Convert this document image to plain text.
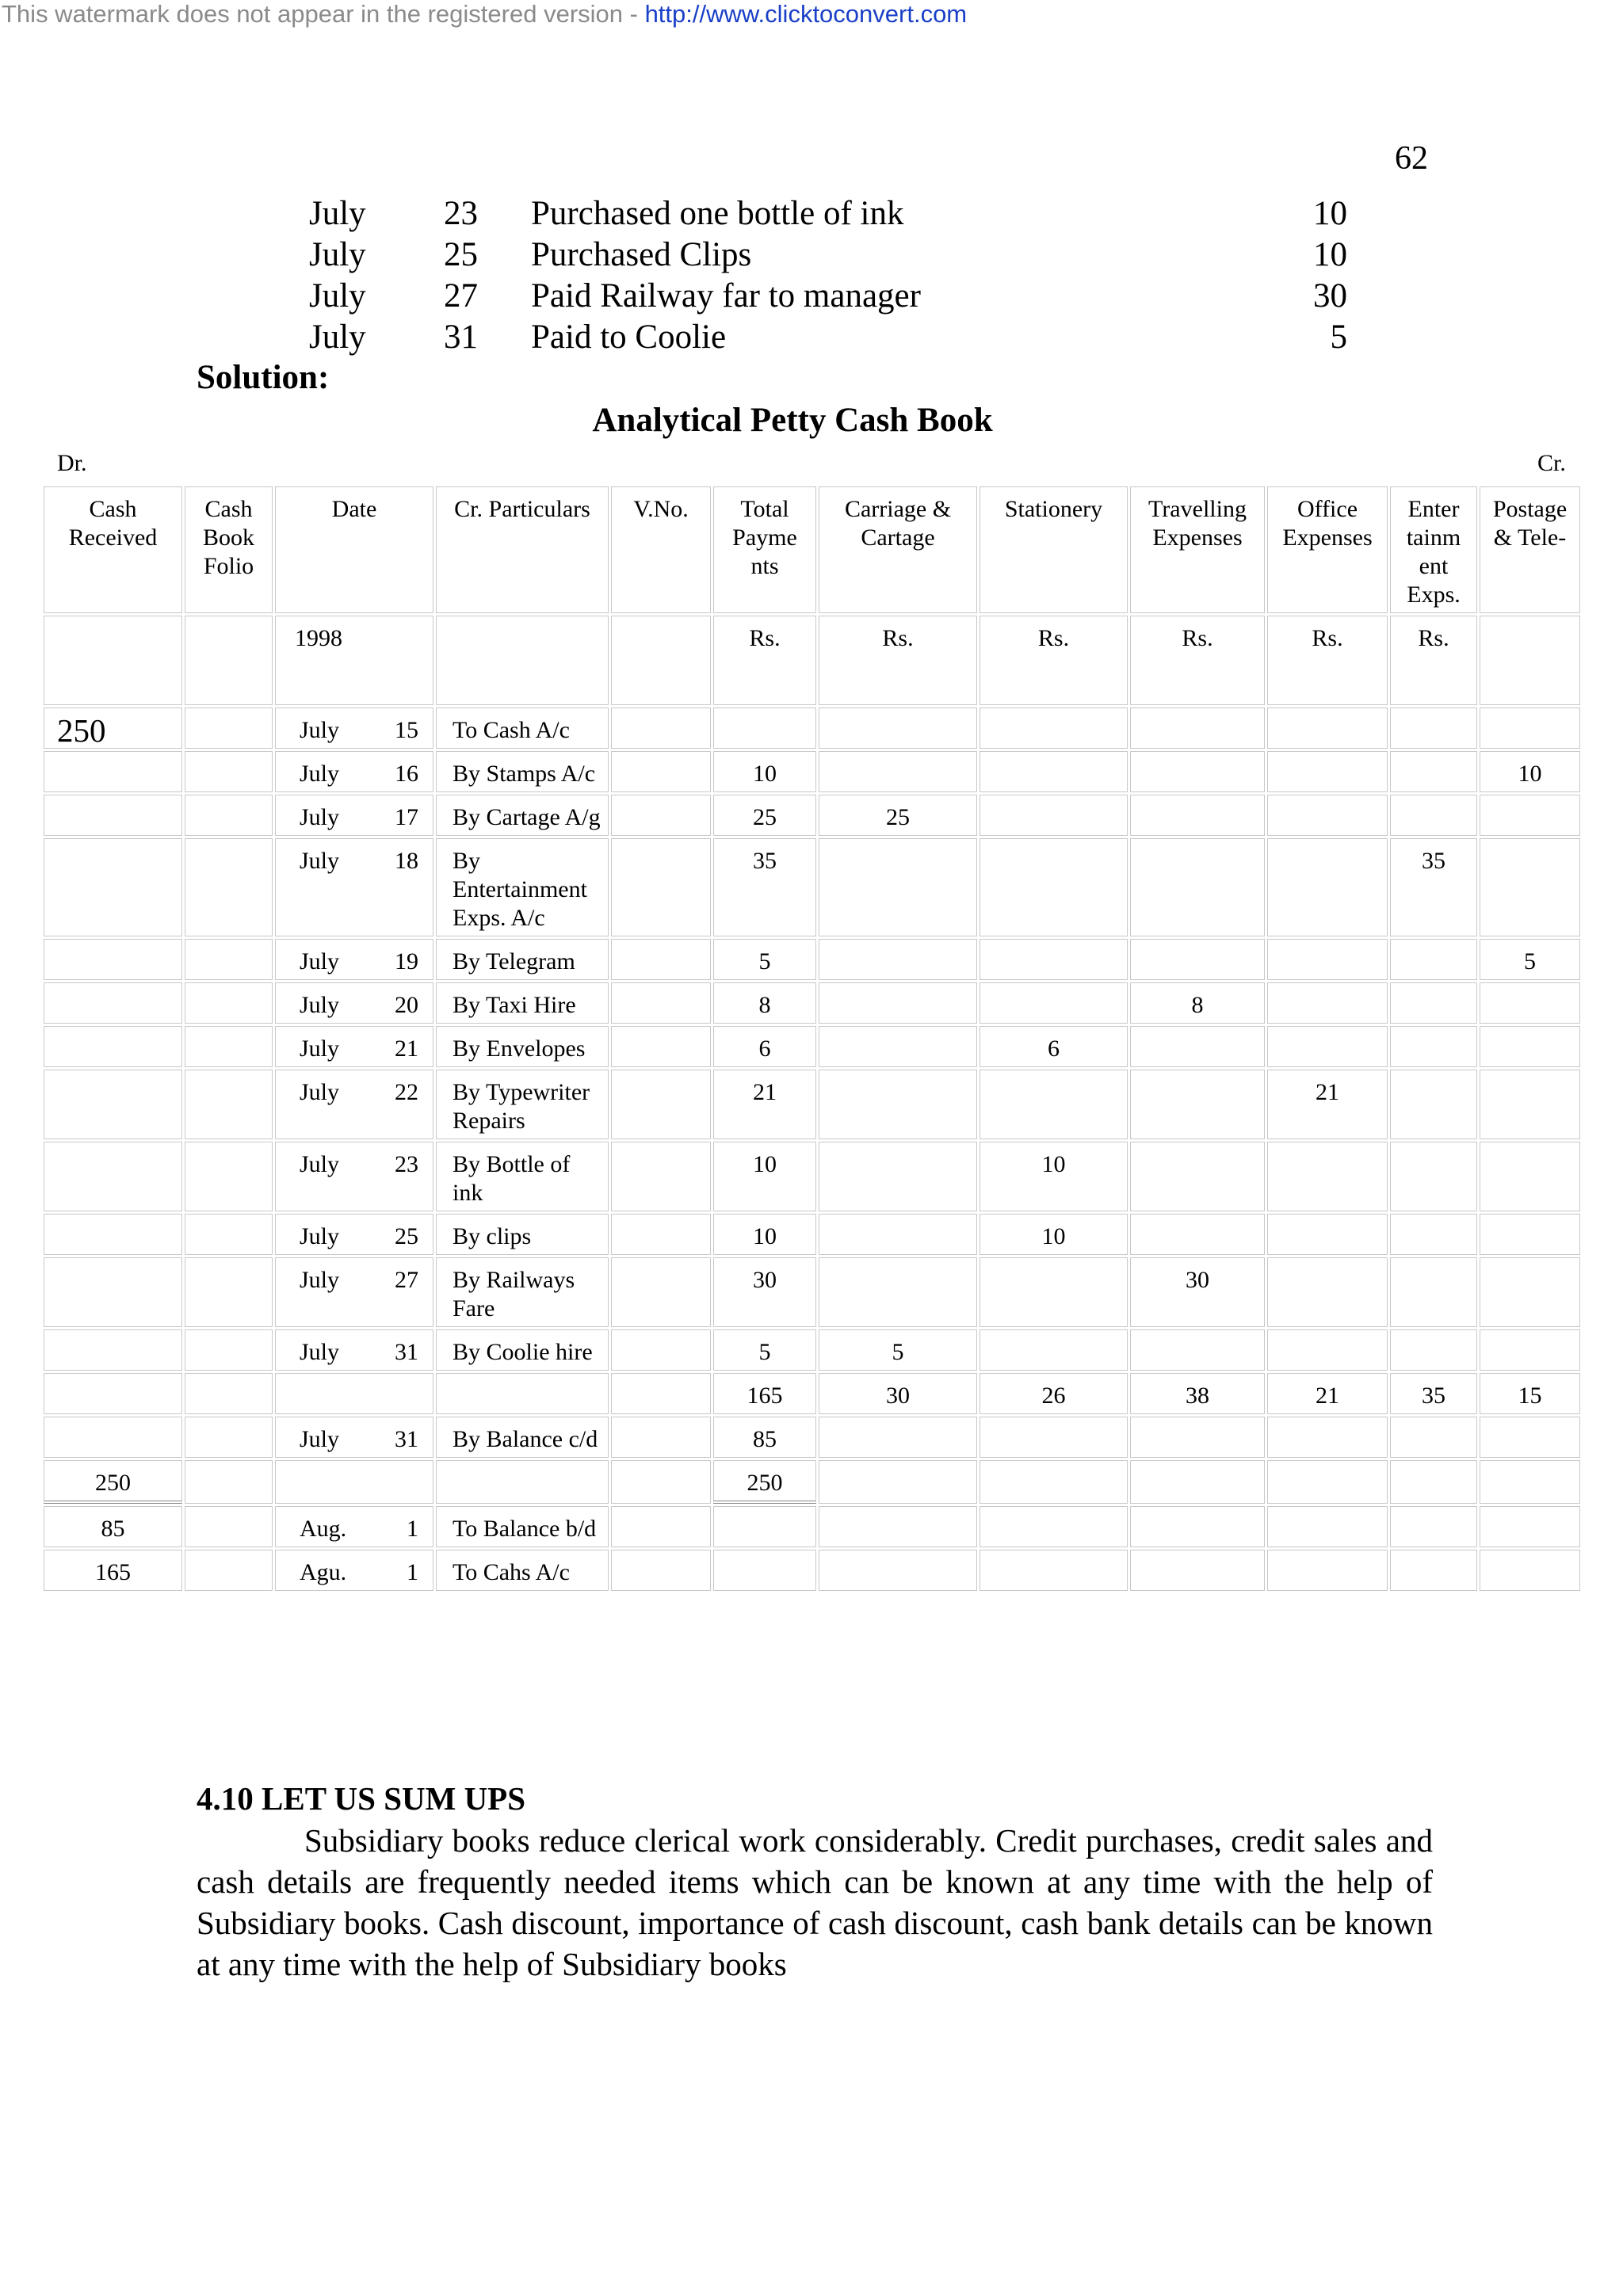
This watermark does not appear in the registered version - http://www.clicktoconvert.com
62
July 23 Purchased one bottle of ink	10
July 25 Purchased Clips	10
July 27 Paid Railway far to manager	30
July 31 Paid to Coolie	5
Solution:
Analytical Petty Cash Book
Dr.	Cr.
Cash Received	Cash Book Folio	Date	Cr. Particulars	V.No.	Total Payme nts	Carriage & Cartage	Stationery	Travelling Expenses	Office Expenses	Enter tainm ent Exps.	Postage & Tele-
		1998			Rs.	Rs.	Rs.	Rs.	Rs.	Rs.	
250		July 15	To Cash A/c								

		July 16	By Stamps A/c		10						10

		July 17	By Cartage A/g		25	25					

		July 18	By Entertainment Exps. A/c		35					35	

		July 19	By Telegram		5						5

		July 20	By Taxi Hire		8			8			

		July 21	By Envelopes		6		6				

		July 22	By Typewriter Repairs		21				21		

		July 23	By Bottle of ink		10		10				

		July 25	By clips		10		10				

		July 27	By Railways Fare		30			30			

		July 31	By Coolie hire		5	5					

			165	30	26	38	21	35	15

		July 31	By Balance c/d		85						
250					250						
85		Aug. 1	To Balance b/d								
165		Agu. 1	To Cahs A/c								
4.10 LET US SUM UPS
Subsidiary books reduce clerical work considerably. Credit purchases, credit sales and cash details are frequently needed items which can be known at any time with the help of Subsidiary books. Cash discount, importance of cash discount, cash bank details can be known at any time with the help of Subsidiary books
